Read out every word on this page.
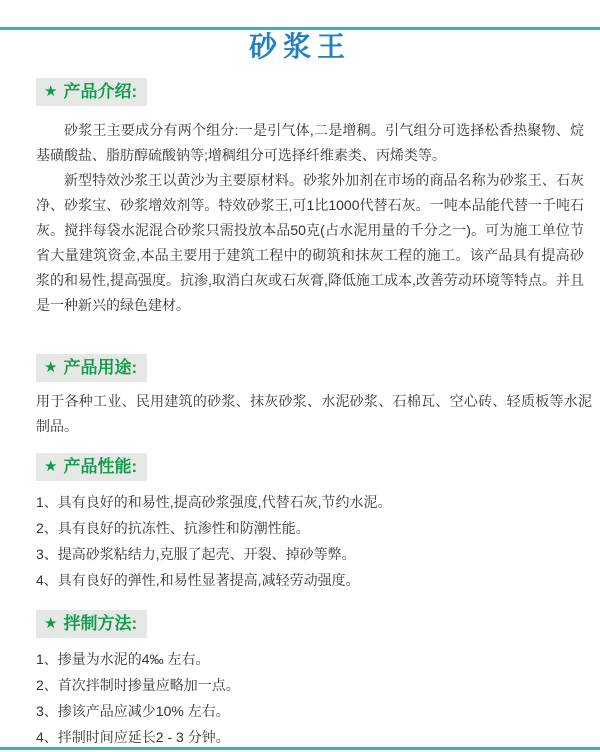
砂浆王
★ 产品介绍:

砂浆王主要成分有两个组分:一是引气体,二是增稠。引气组分可选择松香热聚物、烷基磺酸盐、脂肪醇硫酸钠等;增稠组分可选择纤维素类、丙烯类等。

新型特效沙浆王以黄沙为主要原材料。砂浆外加剂在市场的商品名称为砂浆王、石灰净、砂浆宝、砂浆增效剂等。特效砂浆王,可1比1000代替石灰。一吨本品能代替一千吨石灰。搅拌每袋水泥混合砂浆只需投放本品50克(占水泥用量的千分之一)。可为施工单位节省大量建筑资金,本品主要用于建筑工程中的砌筑和抹灰工程的施工。该产品具有提高砂浆的和易性,提高强度。抗渗,取消白灰或石灰膏,降低施工成本,改善劳动环境等特点。并且是一种新兴的绿色建材。

★ 产品用途:

用于各种工业、民用建筑的砂浆、抹灰砂浆、水泥砂浆、石棉瓦、空心砖、轻质板等水泥制品。

★ 产品性能:
1、具有良好的和易性,提高砂浆强度,代替石灰,节约水泥。
2、具有良好的抗冻性、抗渗性和防潮性能。
3、提高砂浆粘结力,克服了起壳、开裂、掉砂等弊。
4、具有良好的弹性,和易性显著提高,减轻劳动强度。
★ 拌制方法:
1、掺量为水泥的4‰ 左右。
2、首次拌制时掺量应略加一点。
3、掺该产品应减少10% 左右。
4、拌制时间应延长2 - 3 分钟。
